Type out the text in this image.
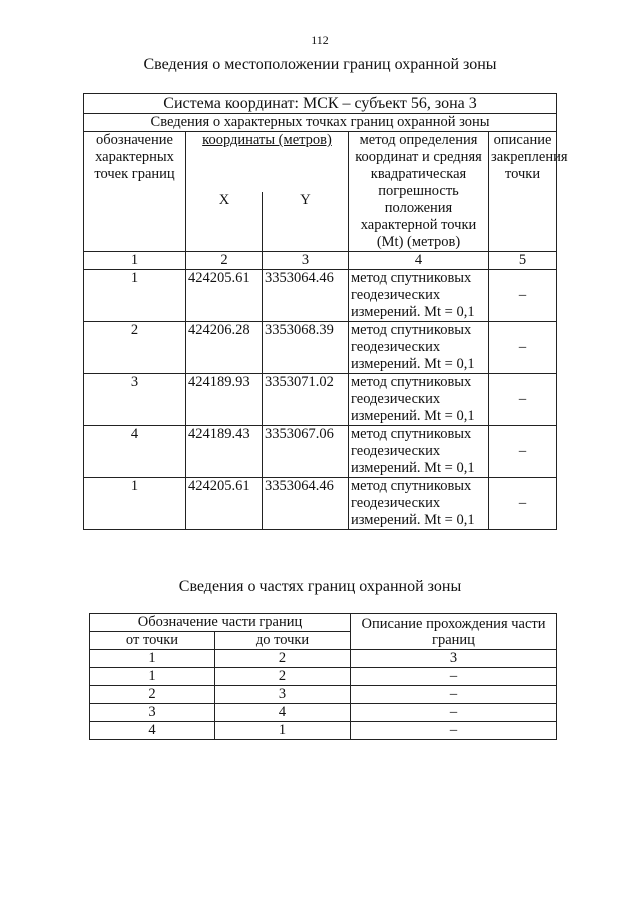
112
Сведения о местоположении границ охранной зоны
Система координат: МСК – субъект 56, зона 3				
Сведения о характерных точках границ охранной зоны				
обозначение характерных точек границ	координаты (метров)		метод определения координат и средняя квадратическая погрешность положения характерной точки (Mt) (метров)	описание закрепления точки
	X	Y		
1	2	3	4	5
1	424205.61	3353064.46	метод спутниковых геодезических измерений. Mt = 0,1	–
2	424206.28	3353068.39	метод спутниковых геодезических измерений. Mt = 0,1	–
3	424189.93	3353071.02	метод спутниковых геодезических измерений. Mt = 0,1	–
4	424189.43	3353067.06	метод спутниковых геодезических измерений. Mt = 0,1	–
1	424205.61	3353064.46	метод спутниковых геодезических измерений. Mt = 0,1	–
Сведения о частях границ охранной зоны
Обозначение части границ		Описание прохождения части границ
от точки	до точки	
1	2	3
1	2	–
2	3	–
3	4	–
4	1	–
